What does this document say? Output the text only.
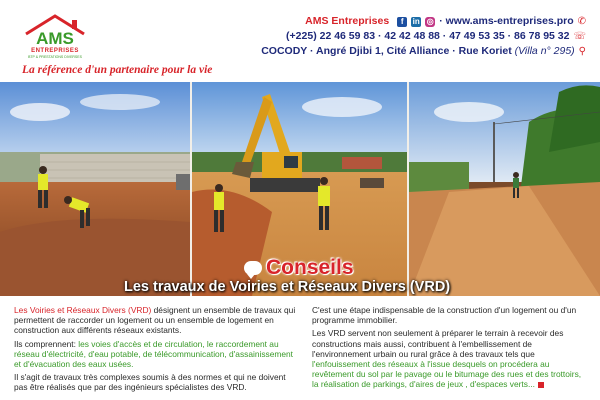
AMS
ENTREPRISES
BTP & PRESTATIONS DIVERSES
La référence d'un partenaire pour la vie
AMS Entreprises	f	in ◎ · www.ams-entreprises.pro ✆
(+225) 22 46 59 83 · 42 42 48 88 · 47 49 53 35 · 86 78 95 32 ☏
COCODY · Angré Djibi 1, Cité Alliance · Rue Koriet (Villa n° 295) ⚲
Conseils
Les travaux de Voiries et Réseaux Divers (VRD)

Les Voiries et Réseaux Divers (VRD) désignent un ensemble de travaux qui permettent de raccorder un logement ou un ensemble de logement en construction aux différents réseaux existants.

Ils comprennent: les voies d'accès et de circulation, le raccordement au réseau d'électricité, d'eau potable, de télécommunication, d'assainissement et d'évacuation des eaux usées.

Il s'agit de travaux très complexes soumis à des normes et qui ne doivent pas être réalisés que par des ingénieurs spécialistes des VRD.

C'est une étape indispensable de la construction d'un logement ou d'un programme immobilier.

Les VRD servent non seulement à préparer le terrain à recevoir des constructions mais aussi, contribuent à l'embellissement de l'environnement urbain ou rural grâce à des travaux tels que l'enfouissement des réseaux à l'issue desquels on procédera au revêtement du sol par le pavage ou le bitumage des rues et des trottoirs, la réalisation de parkings, d'aires de jeux , d'espaces verts...
